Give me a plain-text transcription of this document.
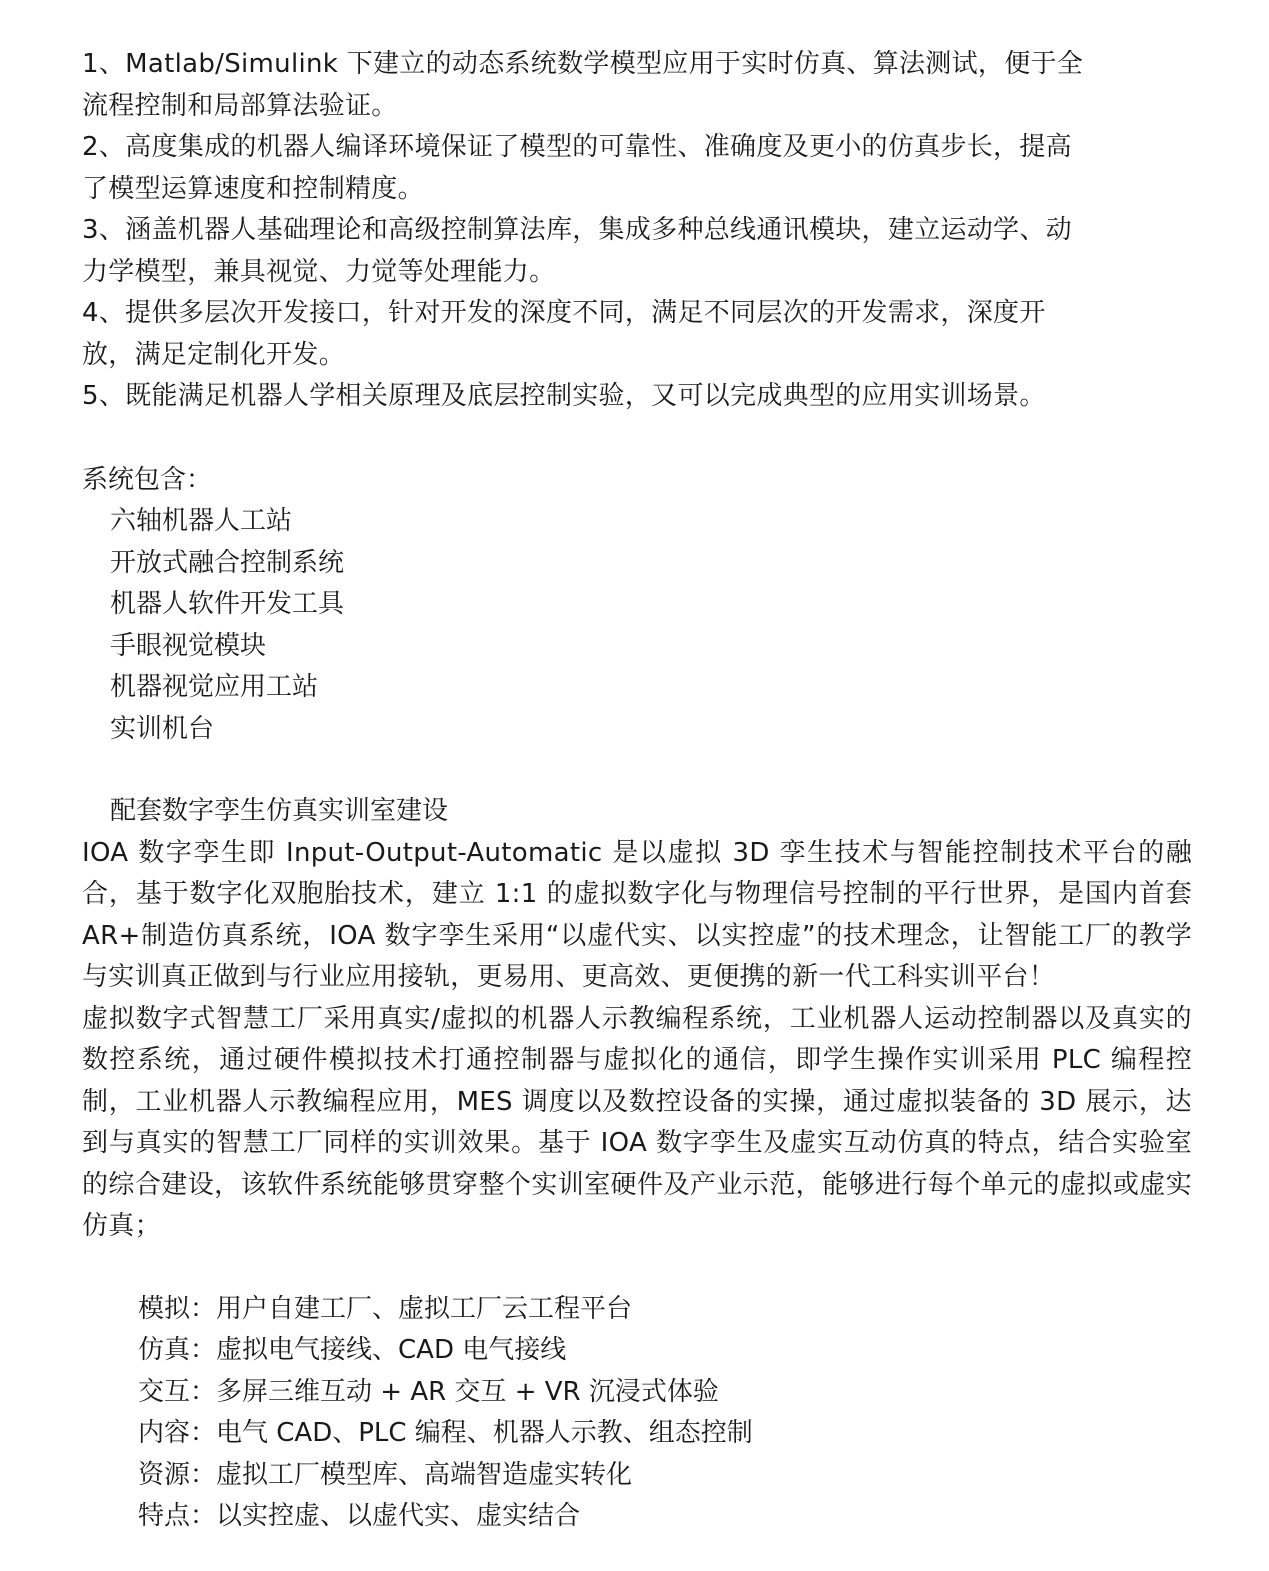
1、Matlab/Simulink 下建立的动态系统数学模型应用于实时仿真、算法测试，便于全流程控制和局部算法验证。

2、高度集成的机器人编译环境保证了模型的可靠性、准确度及更小的仿真步长，提高了模型运算速度和控制精度。

3、涵盖机器人基础理论和高级控制算法库，集成多种总线通讯模块，建立运动学、动力学模型，兼具视觉、力觉等处理能力。

4、提供多层次开发接口，针对开发的深度不同，满足不同层次的开发需求，深度开放，满足定制化开发。

5、既能满足机器人学相关原理及底层控制实验，又可以完成典型的应用实训场景。

系统包含：

六轴机器人工站

开放式融合控制系统

机器人软件开发工具

手眼视觉模块

机器视觉应用工站

实训机台

配套数字孪生仿真实训室建设

IOA 数字孪生即 Input-Output-Automatic 是以虚拟 3D 孪生技术与智能控制技术平台的融合，基于数字化双胞胎技术，建立 1:1 的虚拟数字化与物理信号控制的平行世界，是国内首套 AR+制造仿真系统，IOA 数字孪生采用“以虚代实、以实控虚”的技术理念，让智能工厂的教学与实训真正做到与行业应用接轨，更易用、更高效、更便携的新一代工科实训平台！

虚拟数字式智慧工厂采用真实/虚拟的机器人示教编程系统，工业机器人运动控制器以及真实的数控系统，通过硬件模拟技术打通控制器与虚拟化的通信，即学生操作实训采用 PLC 编程控制，工业机器人示教编程应用，MES 调度以及数控设备的实操，通过虚拟装备的 3D 展示，达到与真实的智慧工厂同样的实训效果。基于 IOA 数字孪生及虚实互动仿真的特点，结合实验室的综合建设，该软件系统能够贯穿整个实训室硬件及产业示范，能够进行每个单元的虚拟或虚实仿真；

模拟：用户自建工厂、虚拟工厂云工程平台

仿真：虚拟电气接线、CAD 电气接线

交互：多屏三维互动 + AR 交互 + VR 沉浸式体验

内容：电气 CAD、PLC 编程、机器人示教、组态控制

资源：虚拟工厂模型库、高端智造虚实转化

特点：以实控虚、以虚代实、虚实结合
